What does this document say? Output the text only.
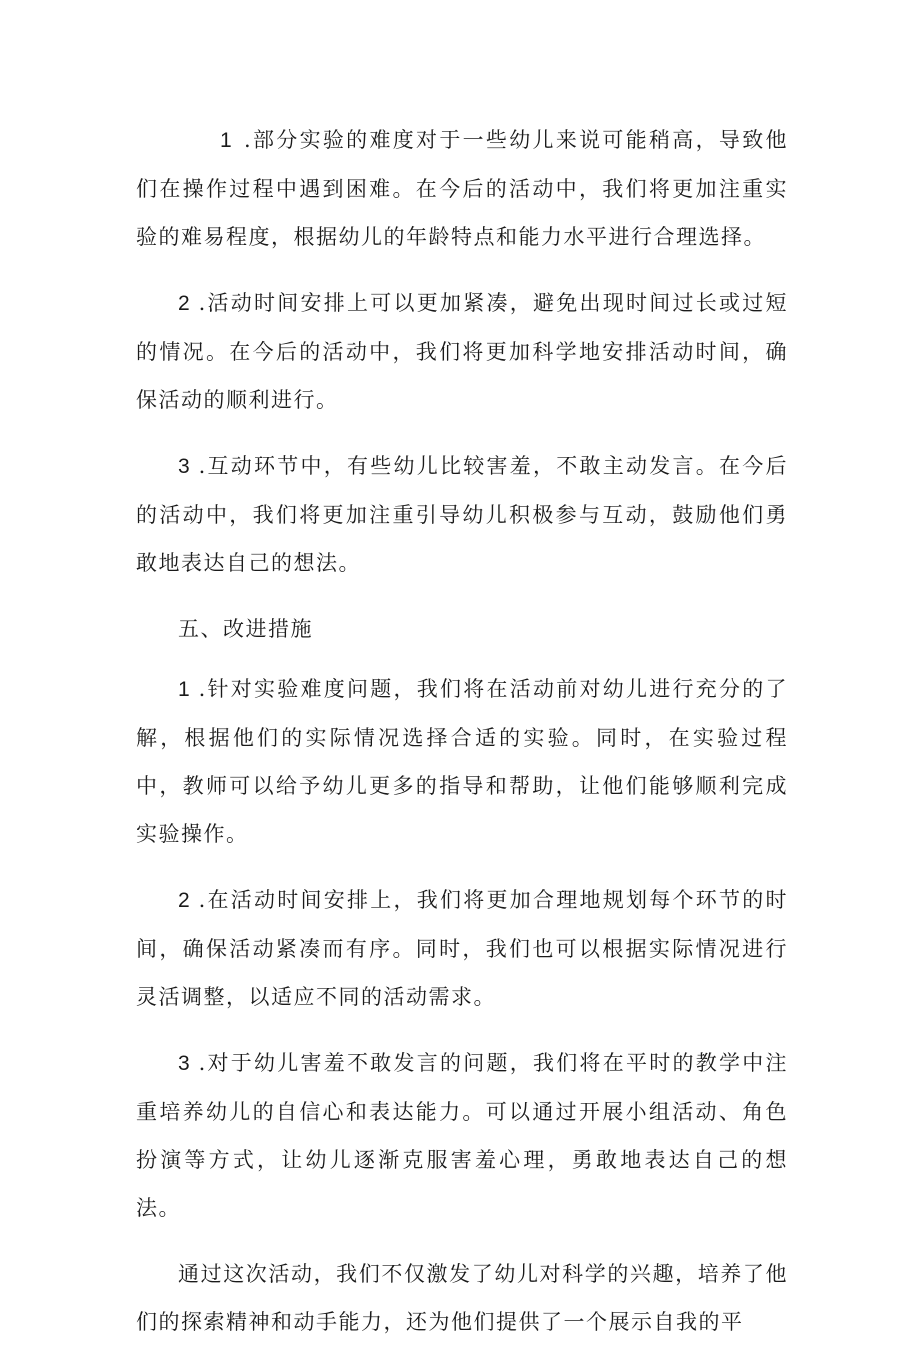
1 .部分实验的难度对于一些幼儿来说可能稍高，导致他们在操作过程中遇到困难。在今后的活动中，我们将更加注重实验的难易程度，根据幼儿的年龄特点和能力水平进行合理选择。

2 .活动时间安排上可以更加紧凑，避免出现时间过长或过短的情况。在今后的活动中，我们将更加科学地安排活动时间，确保活动的顺利进行。

3 .互动环节中，有些幼儿比较害羞，不敢主动发言。在今后的活动中，我们将更加注重引导幼儿积极参与互动，鼓励他们勇敢地表达自己的想法。

五、改进措施

1 .针对实验难度问题，我们将在活动前对幼儿进行充分的了解，根据他们的实际情况选择合适的实验。同时，在实验过程中，教师可以给予幼儿更多的指导和帮助，让他们能够顺利完成实验操作。

2 .在活动时间安排上，我们将更加合理地规划每个环节的时间，确保活动紧凑而有序。同时，我们也可以根据实际情况进行灵活调整，以适应不同的活动需求。

3 .对于幼儿害羞不敢发言的问题，我们将在平时的教学中注重培养幼儿的自信心和表达能力。可以通过开展小组活动、角色扮演等方式，让幼儿逐渐克服害羞心理，勇敢地表达自己的想法。

通过这次活动，我们不仅激发了幼儿对科学的兴趣，培养了他们的探索精神和动手能力，还为他们提供了一个展示自我的平
